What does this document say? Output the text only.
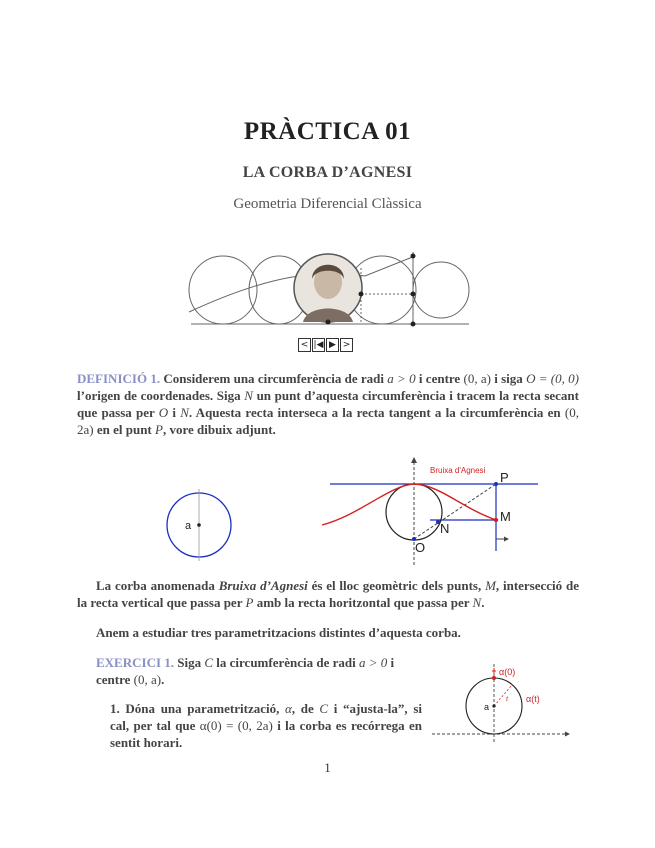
PRÀCTICA 01
LA CORBA D’AGNESI
Geometria Diferencial Clàssica
< |◀ ▶ >
DEFINICIÓ 1. Considerem una circumferència de radi a > 0 i centre (0, a) i siga O = (0, 0) l’origen de coordenades. Siga N un punt d’aquesta circumferència i tracem la recta secant que passa per O i N. Aquesta recta interseca a la recta tangent a la circumferència en (0, 2a) en el punt P, vore dibuix adjunt.
a
Bruixa d'Agnesi P
M
N
O
La corba anomenada Bruixa d’Agnesi és el lloc geomètric dels punts, M, intersecció de la recta vertical que passa per P amb la recta horitzontal que passa per N.
Anem a estudiar tres parametritzacions distintes d’aquesta corba.
EXERCICI 1. Siga C la circumferència de radi a > 0 i centre (0, a).
1. Dóna una parametrització, α, de C i “ajusta-la”, si cal, per tal que α(0) = (0, 2a) i la corba es recórrega en sentit horari.
α(0)
α(t)
t
a
1
